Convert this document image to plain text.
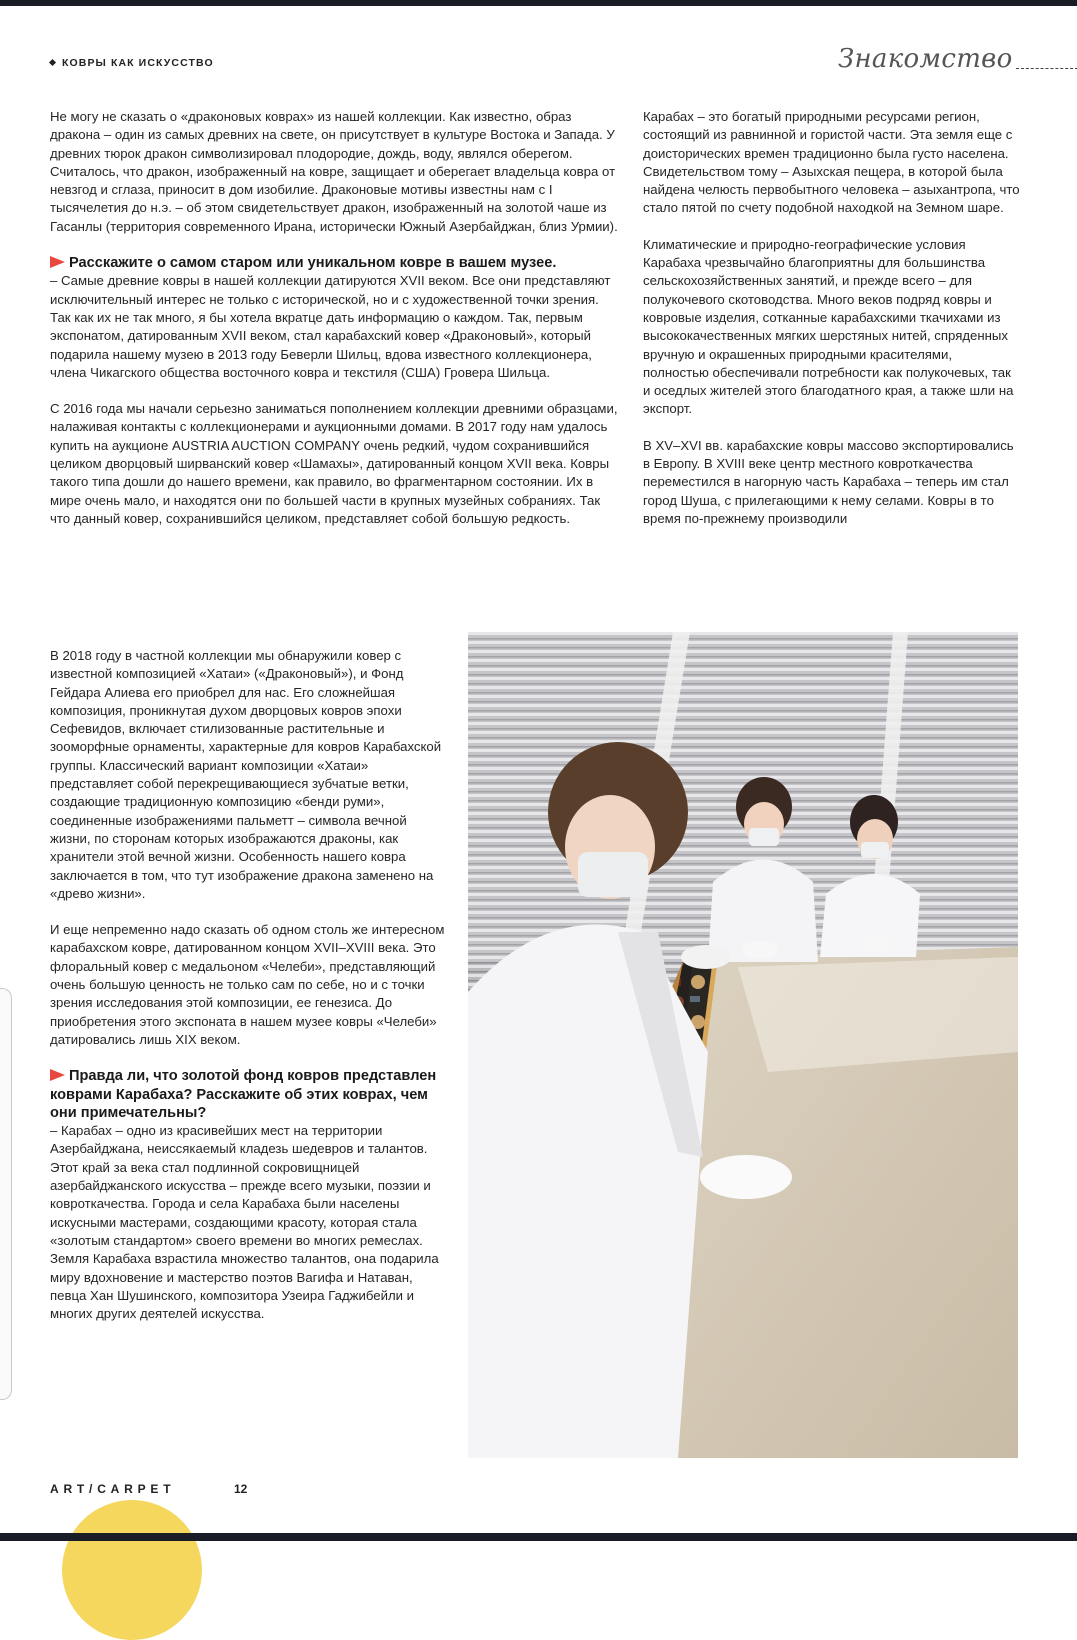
КОВРЫ КАК ИСКУССТВО	Знакомство

Не могу не сказать о «драконовых коврах» из нашей коллекции. Как известно, образ дракона – один из самых древних на свете, он присутствует в культуре Востока и Запада. У древних тюрок дракон символизировал плодородие, дождь, воду, являлся оберегом. Считалось, что дракон, изображенный на ковре, защищает и оберегает владельца ковра от невзгод и сглаза, приносит в дом изобилие. Драконовые мотивы известны нам с I тысячелетия до н.э. – об этом свидетельствует дракон, изображенный на золотой чаше из Гасанлы (территория современного Ирана, исторически Южный Азербайджан, близ Урмии).

Расскажите о самом старом или уникальном ковре в вашем музее.

– Самые древние ковры в нашей коллекции датируются XVII веком. Все они представляют исключительный интерес не только с исторической, но и с художественной точки зрения. Так как их не так много, я бы хотела вкратце дать информацию о каждом. Так, первым экспонатом, датированным XVII веком, стал карабахский ковер «Драконовый», который подарила нашему музею в 2013 году Беверли Шильц, вдова известного коллекционера, члена Чикагского общества восточного ковра и текстиля (США) Гровера Шильца.

С 2016 года мы начали серьезно заниматься пополнением коллекции древними образцами, налаживая контакты с коллекционерами и аукционными домами. В 2017 году нам удалось купить на аукционе AUSTRIA AUCTION COMPANY очень редкий, чудом сохранившийся целиком дворцовый ширванский ковер «Шамахы», датированный концом XVII века. Ковры такого типа дошли до нашего времени, как правило, во фрагментарном состоянии. Их в мире очень мало, и находятся они по большей части в крупных музейных собраниях. Так что данный ковер, сохранившийся целиком, представляет собой большую редкость.

В 2018 году в частной коллекции мы обнаружили ковер с известной композицией «Хатаи» («Драконовый»), и Фонд Гейдара Алиева его приобрел для нас. Его сложнейшая композиция, проникнутая духом дворцовых ковров эпохи Сефевидов, включает стилизованные растительные и зооморфные орнаменты, характерные для ковров Карабахской группы. Классический вариант композиции «Хатаи» представляет собой перекрещивающиеся зубчатые ветки, создающие традиционную композицию «бенди руми», соединенные изображениями пальметт – символа вечной жизни, по сторонам которых изображаются драконы, как хранители этой вечной жизни. Особенность нашего ковра заключается в том, что тут изображение дракона заменено на «древо жизни».

И еще непременно надо сказать об одном столь же интересном карабахском ковре, датированном концом XVII–XVIII века. Это флоральный ковер с медальоном «Челеби», представляющий очень большую ценность не только сам по себе, но и с точки зрения исследования этой композиции, ее генезиса. До приобретения этого экспоната в нашем музее ковры «Челеби» датировались лишь XIX веком.

Правда ли, что золотой фонд ковров представлен коврами Карабаха? Расскажите об этих коврах, чем они примечательны?

– Карабах – одно из красивейших мест на территории Азербайджана, неиссякаемый кладезь шедевров и талантов. Этот край за века стал подлинной сокровищницей азербайджанского искусства – прежде всего музыки, поэзии и ковроткачества. Города и села Карабаха были населены искусными мастерами, создающими красоту, которая стала «золотым стандартом» своего времени во многих ремеслах. Земля Карабаха взрастила множество талантов, она подарила миру вдохновение и мастерство поэтов Вагифа и Натаван, певца Хан Шушинского, композитора Узеира Гаджибейли и многих других деятелей искусства.

Карабах – это богатый природными ресурсами регион, состоящий из равнинной и гористой части. Эта земля еще с доисторических времен традиционно была густо населена. Свидетельством тому – Азыхская пещера, в которой была найдена челюсть первобытного человека – азыхантропа, что стало пятой по счету подобной находкой на Земном шаре.

Климатические и природно-географические условия Карабаха чрезвычайно благоприятны для большинства сельскохозяйственных занятий, и прежде всего – для полукочевого скотоводства. Много веков подряд ковры и ковровые изделия, сотканные карабахскими ткачихами из высококачественных мягких шерстяных нитей, спряденных вручную и окрашенных природными красителями, полностью обеспечивали потребности как полукочевых, так и оседлых жителей этого благодатного края, а также шли на экспорт.

В XV–XVI вв. карабахские ковры массово экспортировались в Европу. В XVIII веке центр местного ковроткачества переместился в нагорную часть Карабаха – теперь им стал город Шуша, с прилегающими к нему селами. Ковры в то время по-прежнему производили

ART/CARPET	12
